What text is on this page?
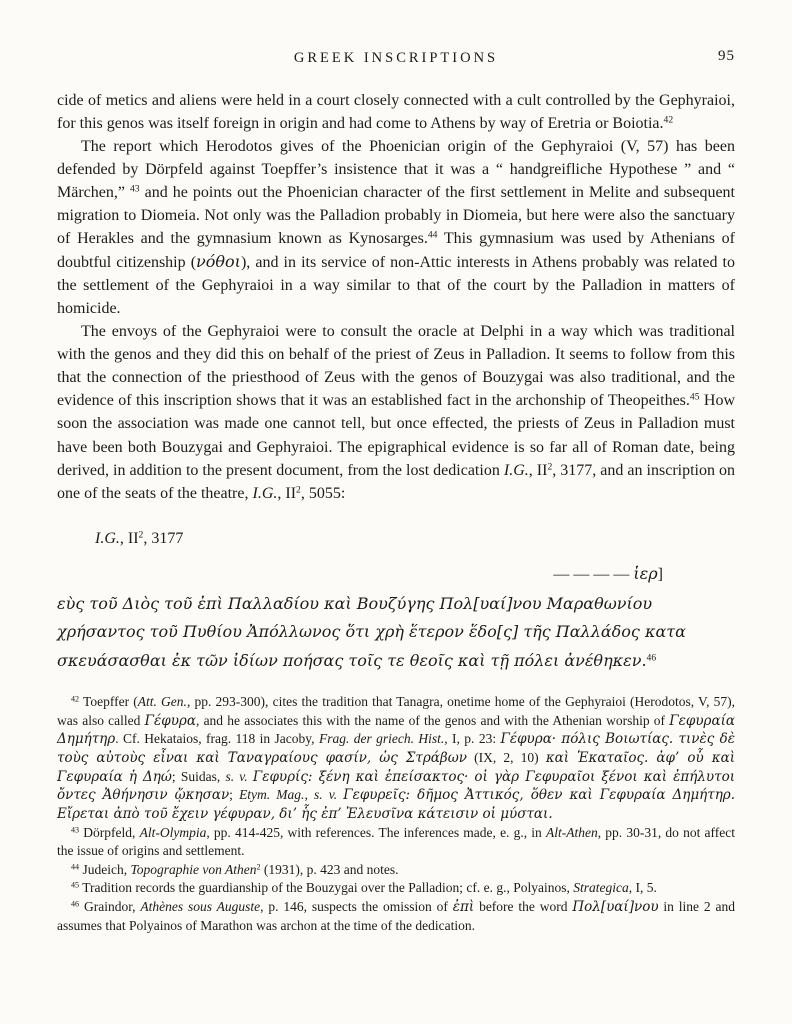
GREEK INSCRIPTIONS	95

cide of metics and aliens were held in a court closely connected with a cult controlled by the Gephyraioi, for this genos was itself foreign in origin and had come to Athens by way of Eretria or Boiotia.$^{42}$

The report which Herodotos gives of the Phoenician origin of the Gephyraioi (V, 57) has been defended by Dörpfeld against Toepffer’s insistence that it was a “ handgreifliche Hypothese ” and “ Märchen,” $^{43}$ and he points out the Phoenician character of the first settlement in Melite and subsequent migration to Diomeia. Not only was the Palladion probably in Diomeia, but here were also the sanctuary of Herakles and the gymnasium known as Kynosarges.$^{44}$ This gymnasium was used by Athenians of doubtful citizenship (νόθοι), and in its service of non-Attic interests in Athens probably was related to the settlement of the Gephyraioi in a way similar to that of the court by the Palladion in matters of homicide.

The envoys of the Gephyraioi were to consult the oracle at Delphi in a way which was traditional with the genos and they did this on behalf of the priest of Zeus in Palladion. It seems to follow from this that the connection of the priesthood of Zeus with the genos of Bouzygai was also traditional, and the evidence of this inscription shows that it was an established fact in the archonship of Theopeithes.$^{45}$ How soon the association was made one cannot tell, but once effected, the priests of Zeus in Palladion must have been both Bouzygai and Gephyraioi. The epigraphical evidence is so far all of Roman date, being derived, in addition to the present document, from the lost dedication I.G., $II^2$, 3177, and an inscription on one of the seats of the theatre, I.G., $II^2$, 5055:

I.G., $II^2$, 3177

— — — — ἱερ]

εὺς τοῦ Διὸς τοῦ ἐπὶ Παλλαδίου καὶ Βουζύγης Πολ[υαί]νου Μαραθωνίου

χρήσαντος τοῦ Πυθίου Ἀπόλλωνος ὅτι χρὴ ἕτερον ἕδο[ς] τῆς Παλλάδος κατα

σκευάσασθαι ἐκ τῶν ἰδίων ποήσας τοῖς τε θεοῖς καὶ τῇ πόλει ἀνέθηκεν.$^{46}$

$^{42}$ Toepffer (Att. Gen., pp. 293-300), cites the tradition that Tanagra, onetime home of the Gephyraioi (Herodotos, V, 57), was also called Γέφυρα, and he associates this with the name of the genos and with the Athenian worship of Γεφυραία Δημήτηρ. Cf. Hekataios, frag. 118 in Jacoby, Frag. der griech. Hist., I, p. 23: Γέφυρα· πόλις Βοιωτίας. τινὲς δὲ τοὺς αὐτοὺς εἶναι καὶ Ταναγραίους φασίν, ὡς Στράβων (IX, 2, 10) καὶ Ἑκαταῖος. ἀφ’ οὗ καὶ Γεφυραία ἡ Δηώ; Suidas, s. v. Γεφυρίς: ξένη καὶ ἐπείσακτος· οἱ γὰρ Γεφυραῖοι ξένοι καὶ ἐπήλυτοι ὄντες Ἀθήνησιν ᾤκησαν; Etym. Mag., s. v. Γεφυρεῖς: δῆμος Ἀττικός, ὅθεν καὶ Γεφυραία Δημήτηρ. Εἴρεται ἀπὸ τοῦ ἔχειν γέφυραν, δι’ ἧς ἐπ’ Ἐλευσῖνα κάτεισιν οἱ μύσται.

$^{43}$ Dörpfeld, Alt-Olympia, pp. 414-425, with references. The inferences made, e. g., in Alt-Athen, pp. 30-31, do not affect the issue of origins and settlement.

$^{44}$ Judeich, Topographie von Athen$^2$ (1931), p. 423 and notes.

$^{45}$ Tradition records the guardianship of the Bouzygai over the Palladion; cf. e. g., Polyainos, Strategica, I, 5.

$^{46}$ Graindor, Athènes sous Auguste, p. 146, suspects the omission of ἐπὶ before the word Πολ[υαί]νου in line 2 and assumes that Polyainos of Marathon was archon at the time of the dedication.
